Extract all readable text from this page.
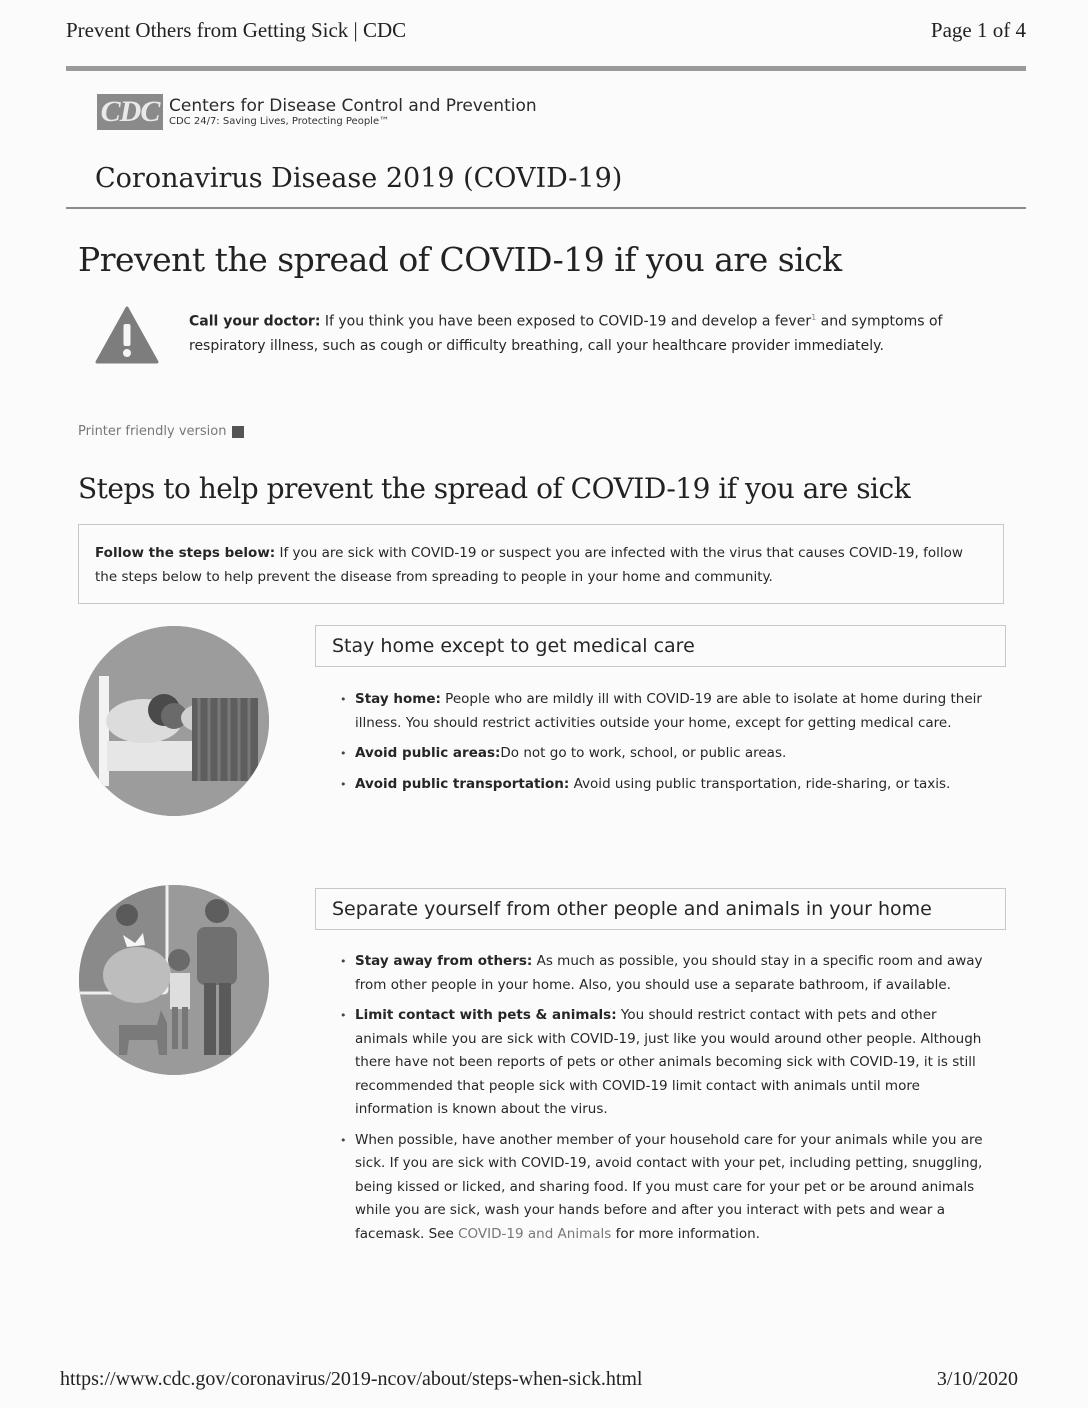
Prevent Others from Getting Sick | CDC	Page 1 of 4
CDC Centers for Disease Control and Prevention
CDC 24/7: Saving Lives, Protecting People™
Coronavirus Disease 2019 (COVID-19)
Prevent the spread of COVID-19 if you are sick
Call your doctor: If you think you have been exposed to COVID-19 and develop a fever$^1$ and symptoms of respiratory illness, such as cough or difficulty breathing, call your healthcare provider immediately.
Printer friendly version
Steps to help prevent the spread of COVID-19 if you are sick
Follow the steps below: If you are sick with COVID-19 or suspect you are infected with the virus that causes COVID-19, follow the steps below to help prevent the disease from spreading to people in your home and community.
Stay home except to get medical care
• Stay home: People who are mildly ill with COVID-19 are able to isolate at home during their illness. You should restrict activities outside your home, except for getting medical care.
• Avoid public areas:Do not go to work, school, or public areas.
• Avoid public transportation: Avoid using public transportation, ride-sharing, or taxis.
Separate yourself from other people and animals in your home
• Stay away from others: As much as possible, you should stay in a specific room and away from other people in your home. Also, you should use a separate bathroom, if available.
• Limit contact with pets & animals: You should restrict contact with pets and other animals while you are sick with COVID-19, just like you would around other people. Although there have not been reports of pets or other animals becoming sick with COVID-19, it is still recommended that people sick with COVID-19 limit contact with animals until more information is known about the virus.
• When possible, have another member of your household care for your animals while you are sick. If you are sick with COVID-19, avoid contact with your pet, including petting, snuggling, being kissed or licked, and sharing food. If you must care for your pet or be around animals while you are sick, wash your hands before and after you interact with pets and wear a facemask. See COVID-19 and Animals for more information.
https://www.cdc.gov/coronavirus/2019-ncov/about/steps-when-sick.html	3/10/2020
